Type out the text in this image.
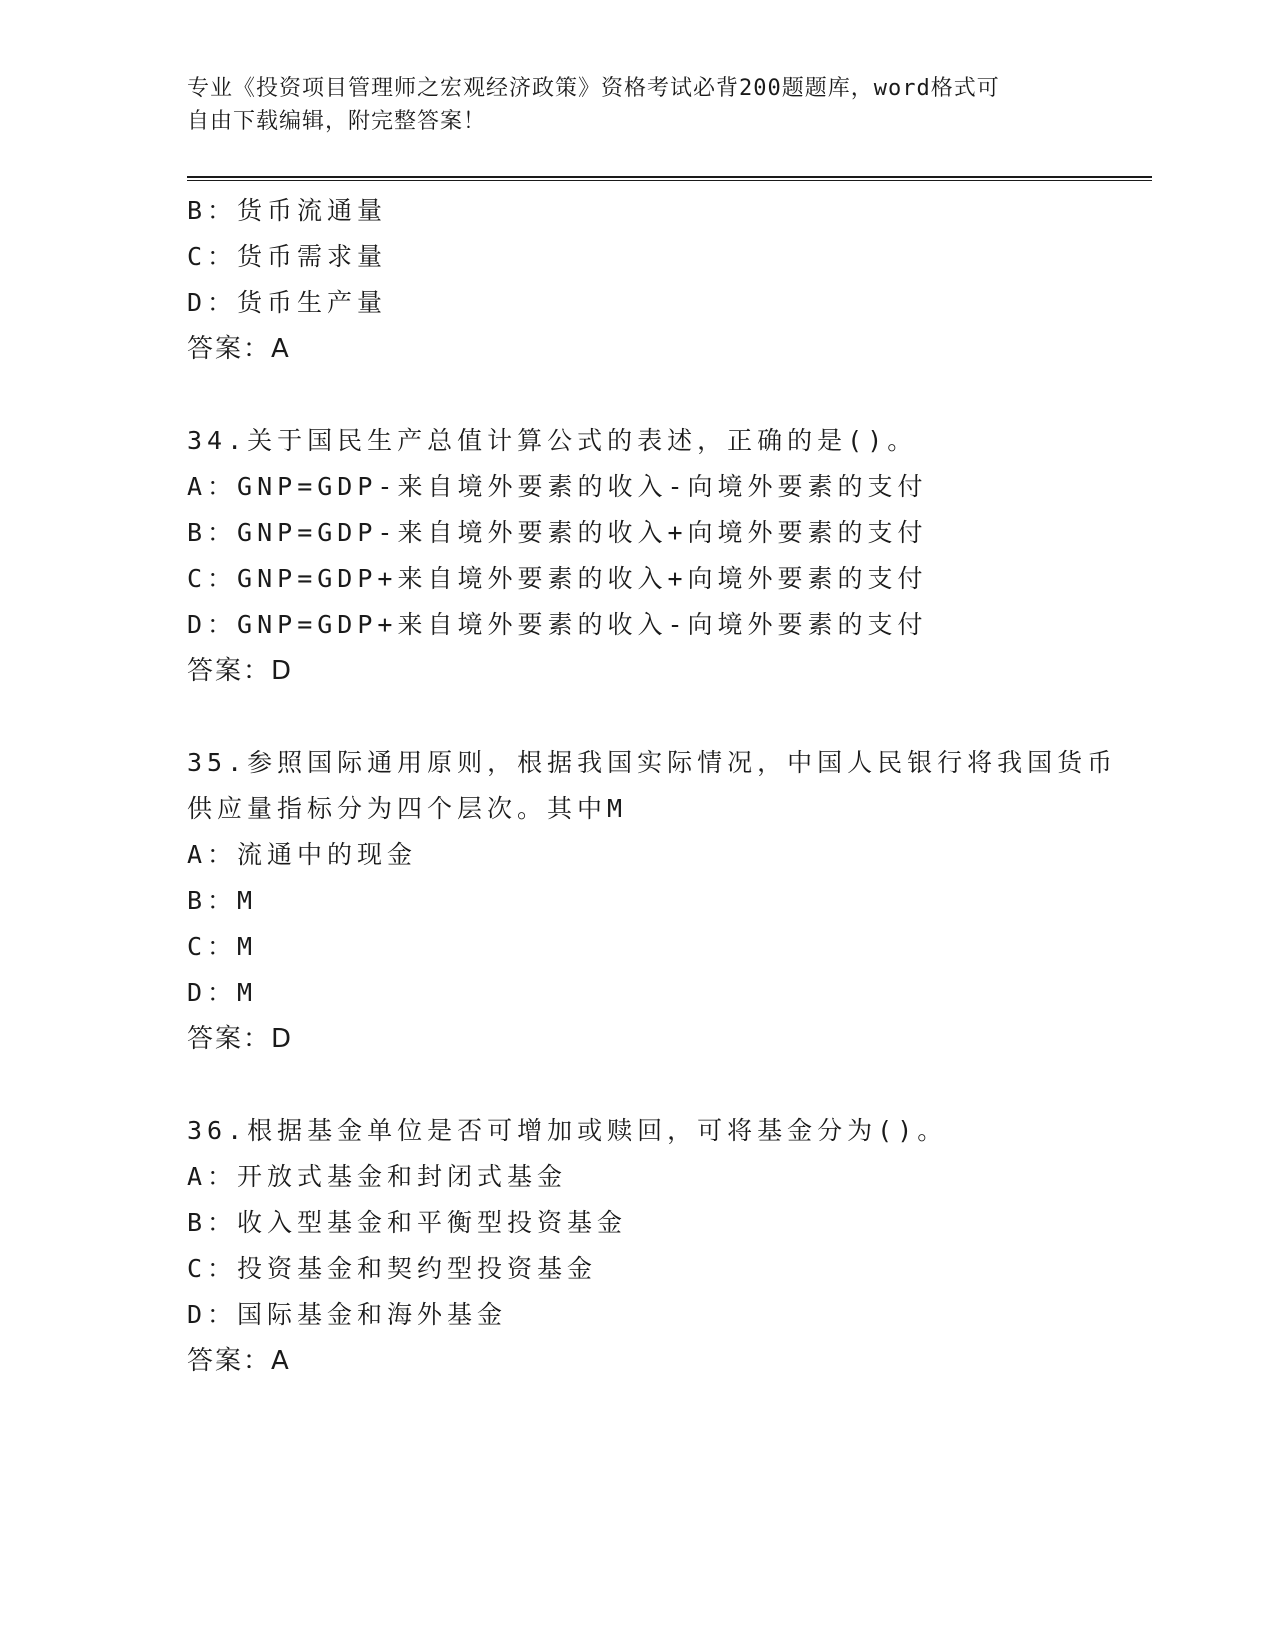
专业《投资项目管理师之宏观经济政策》资格考试必背200题题库，word格式可
自由下载编辑，附完整答案！
B：货币流通量
C：货币需求量
D：货币生产量
答案：A
34.关于国民生产总值计算公式的表述，正确的是()。
A：GNP=GDP-来自境外要素的收入-向境外要素的支付
B：GNP=GDP-来自境外要素的收入+向境外要素的支付
C：GNP=GDP+来自境外要素的收入+向境外要素的支付
D：GNP=GDP+来自境外要素的收入-向境外要素的支付
答案：D
35.参照国际通用原则，根据我国实际情况，中国人民银行将我国货币
供应量指标分为四个层次。其中M
A：流通中的现金
B：M
C：M
D：M
答案：D
36.根据基金单位是否可增加或赎回，可将基金分为()。
A：开放式基金和封闭式基金
B：收入型基金和平衡型投资基金
C：投资基金和契约型投资基金
D：国际基金和海外基金
答案：A
